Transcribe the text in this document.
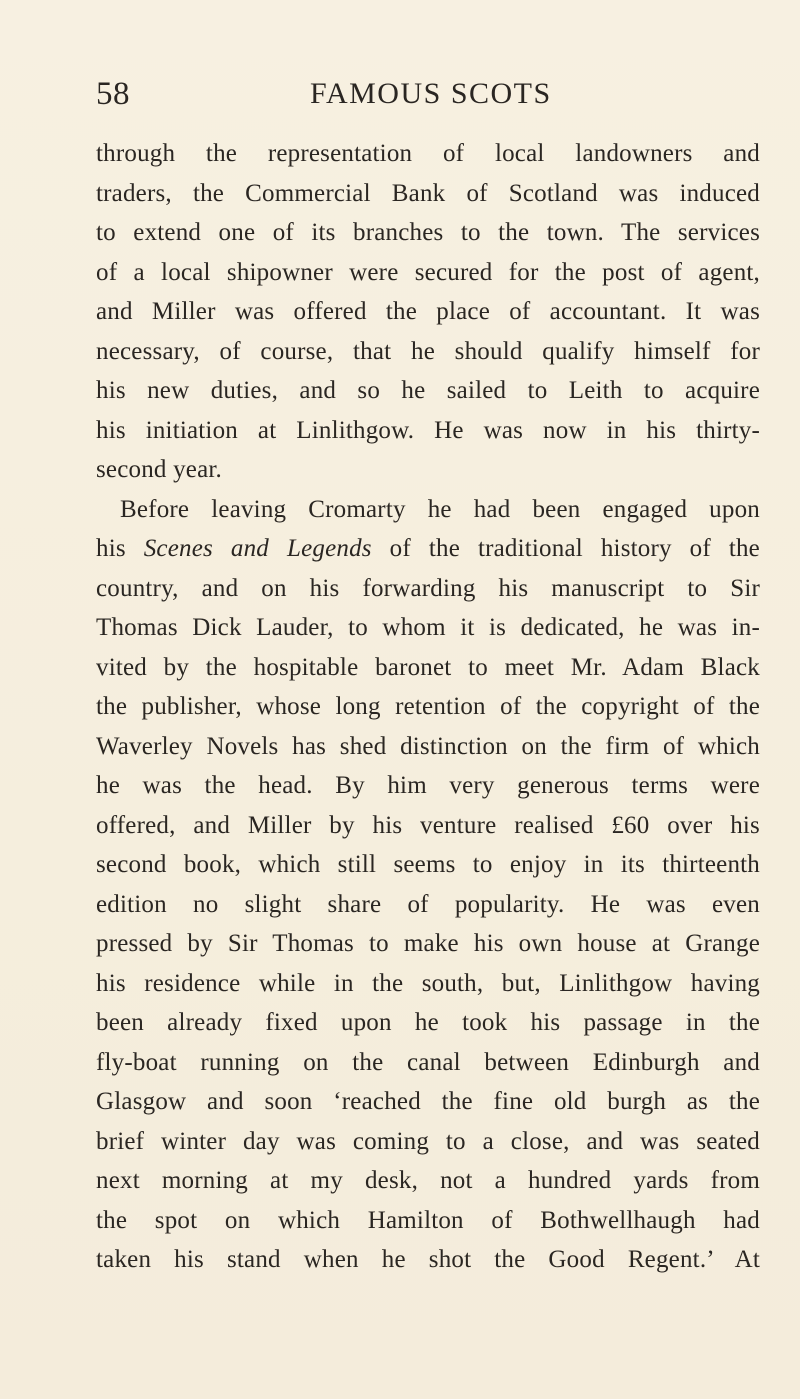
58	FAMOUS SCOTS
through the representation of local landowners and
traders, the Commercial Bank of Scotland was induced
to extend one of its branches to the town. The services
of a local shipowner were secured for the post of agent,
and Miller was offered the place of accountant. It was
necessary, of course, that he should qualify himself for
his new duties, and so he sailed to Leith to acquire
his initiation at Linlithgow. He was now in his thirty-
second year.
Before leaving Cromarty he had been engaged upon
his Scenes and Legends of the traditional history of the
country, and on his forwarding his manuscript to Sir
Thomas Dick Lauder, to whom it is dedicated, he was in-
vited by the hospitable baronet to meet Mr. Adam Black
the publisher, whose long retention of the copyright of the
Waverley Novels has shed distinction on the firm of which
he was the head. By him very generous terms were
offered, and Miller by his venture realised £60 over his
second book, which still seems to enjoy in its thirteenth
edition no slight share of popularity. He was even
pressed by Sir Thomas to make his own house at Grange
his residence while in the south, but, Linlithgow having
been already fixed upon he took his passage in the
fly-boat running on the canal between Edinburgh and
Glasgow and soon ‘reached the fine old burgh as the
brief winter day was coming to a close, and was seated
next morning at my desk, not a hundred yards from
the spot on which Hamilton of Bothwellhaugh had
taken his stand when he shot the Good Regent.’ At
